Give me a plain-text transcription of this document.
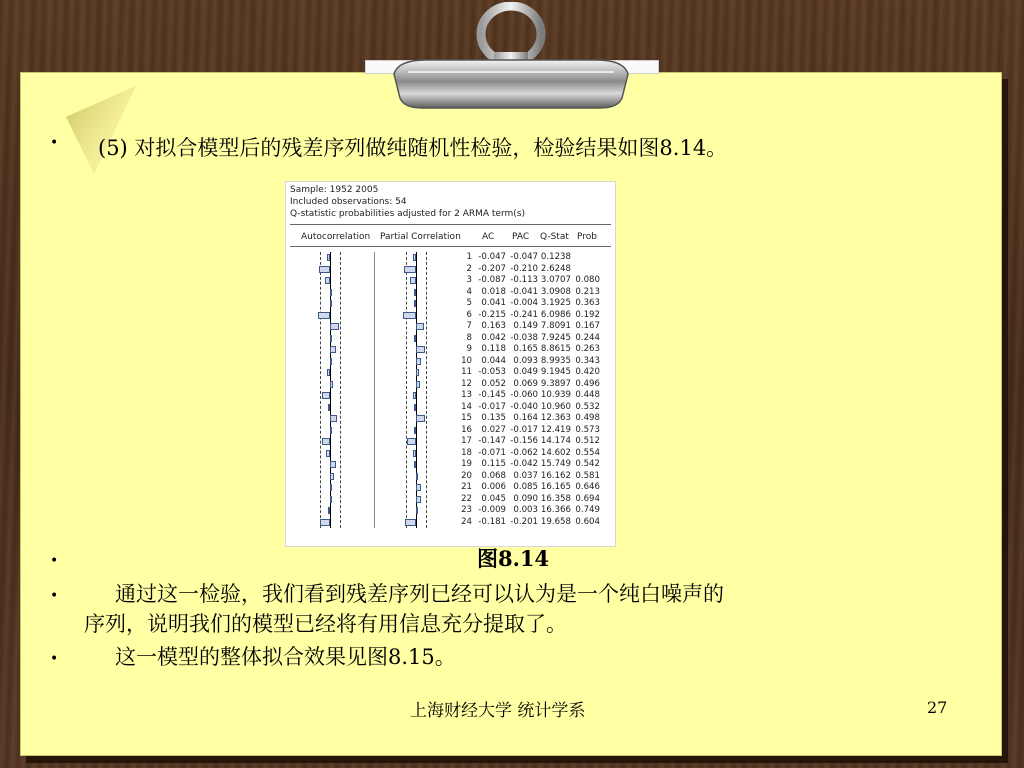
• (5) 对拟合模型后的残差序列做纯随机性检验，检验结果如图8.14。
Sample: 1952 2005
Included observations: 54
Q-statistic probabilities adjusted for 2 ARMA term(s)
Autocorrelation Partial Correlation AC PAC Q-Stat Prob
1 -0.047 -0.047 0.1238
2 -0.207 -0.210 2.6248
3 -0.087 -0.113 3.0707 0.080
4	0.018 -0.041 3.0908 0.213
5	0.041 -0.004 3.1925 0.363
6 -0.215 -0.241 6.0986 0.192
7	0.163 0.149 7.8091 0.167
8	0.042 -0.038 7.9245 0.244
9	0.118 0.165 8.8615 0.263
10	0.044 0.093 8.9935 0.343
11 -0.053 0.049 9.1945 0.420
12	0.052 0.069 9.3897 0.496
13 -0.145 -0.060 10.939 0.448
14 -0.017 -0.040 10.960 0.532
15	0.135 0.164 12.363 0.498
16	0.027 -0.017 12.419 0.573
17 -0.147 -0.156 14.174 0.512
18 -0.071 -0.062 14.602 0.554
19	0.115 -0.042 15.749 0.542
20	0.068 0.037 16.162 0.581
21	0.006 0.085 16.165 0.646
22	0.045 0.090 16.358 0.694
23 -0.009 0.003 16.366 0.749
24 -0.181 -0.201 19.658 0.604
•	图8.14
•	通过这一检验，我们看到残差序列已经可以认为是一个纯白噪声的
序列，说明我们的模型已经将有用信息充分提取了。
•	这一模型的整体拟合效果见图8.15。
上海财经大学 统计学系	27
